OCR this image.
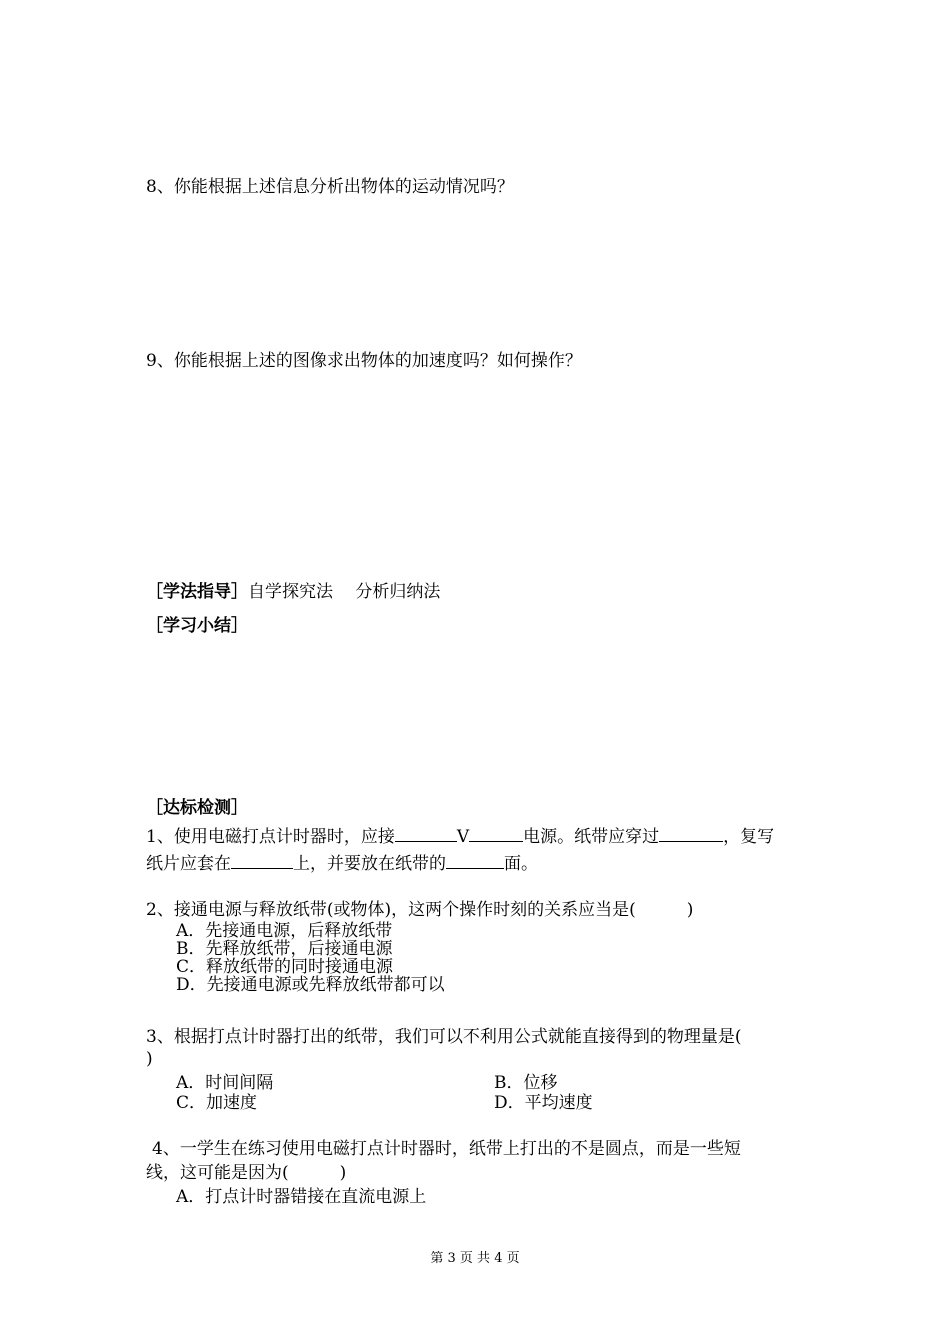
8、你能根据上述信息分析出物体的运动情况吗？
9、你能根据上述的图像求出物体的加速度吗？如何操作？
［学法指导］自学探究法　 分析归纳法
［学习小结］
［达标检测］
1、使用电磁打点计时器时，应接	V	电源。纸带应穿过	，复写
纸片应套在	上，并要放在纸带的	面。
2、接通电源与释放纸带(或物体)，这两个操作时刻的关系应当是(　　　)
A．先接通电源，后释放纸带
B．先释放纸带，后接通电源
C．释放纸带的同时接通电源
D．先接通电源或先释放纸带都可以
3、根据打点计时器打出的纸带，我们可以不利用公式就能直接得到的物理量是(
)
A．时间间隔	B．位移
C．加速度	D．平均速度
4、一学生在练习使用电磁打点计时器时，纸带上打出的不是圆点，而是一些短
线，这可能是因为(　　　)
A．打点计时器错接在直流电源上
第 3 页 共 4 页
